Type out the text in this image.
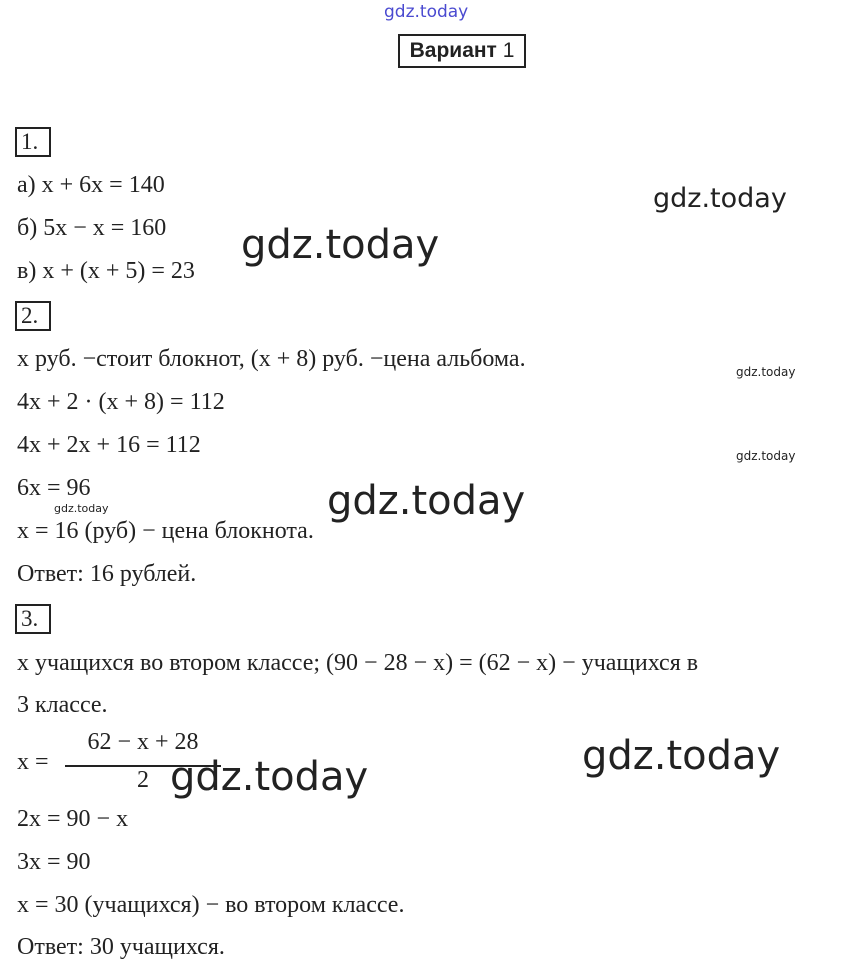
gdz.today
Вариант 1
1.
а) x + 6x = 140
б) 5x − x = 160
в) x + (x + 5) = 23
2.
x руб. −стоит блокнот, (x + 8) руб. −цена альбома.
4x + 2 · (x + 8) = 112
4x + 2x + 16 = 112
6x = 96
x = 16 (руб) − цена блокнота.
Ответ: 16 рублей.
3.
x учащихся во втором классе; (90 − 28 − x) = (62 − x) − учащихся в
3 классе.
x =
62 − x + 28
2
2x = 90 − x
3x = 90
x = 30 (учащихся) − во втором классе.
Ответ: 30 учащихся.
gdz.today
gdz.today
gdz.today
gdz.today
gdz.today
gdz.today
gdz.today
gdz.today
